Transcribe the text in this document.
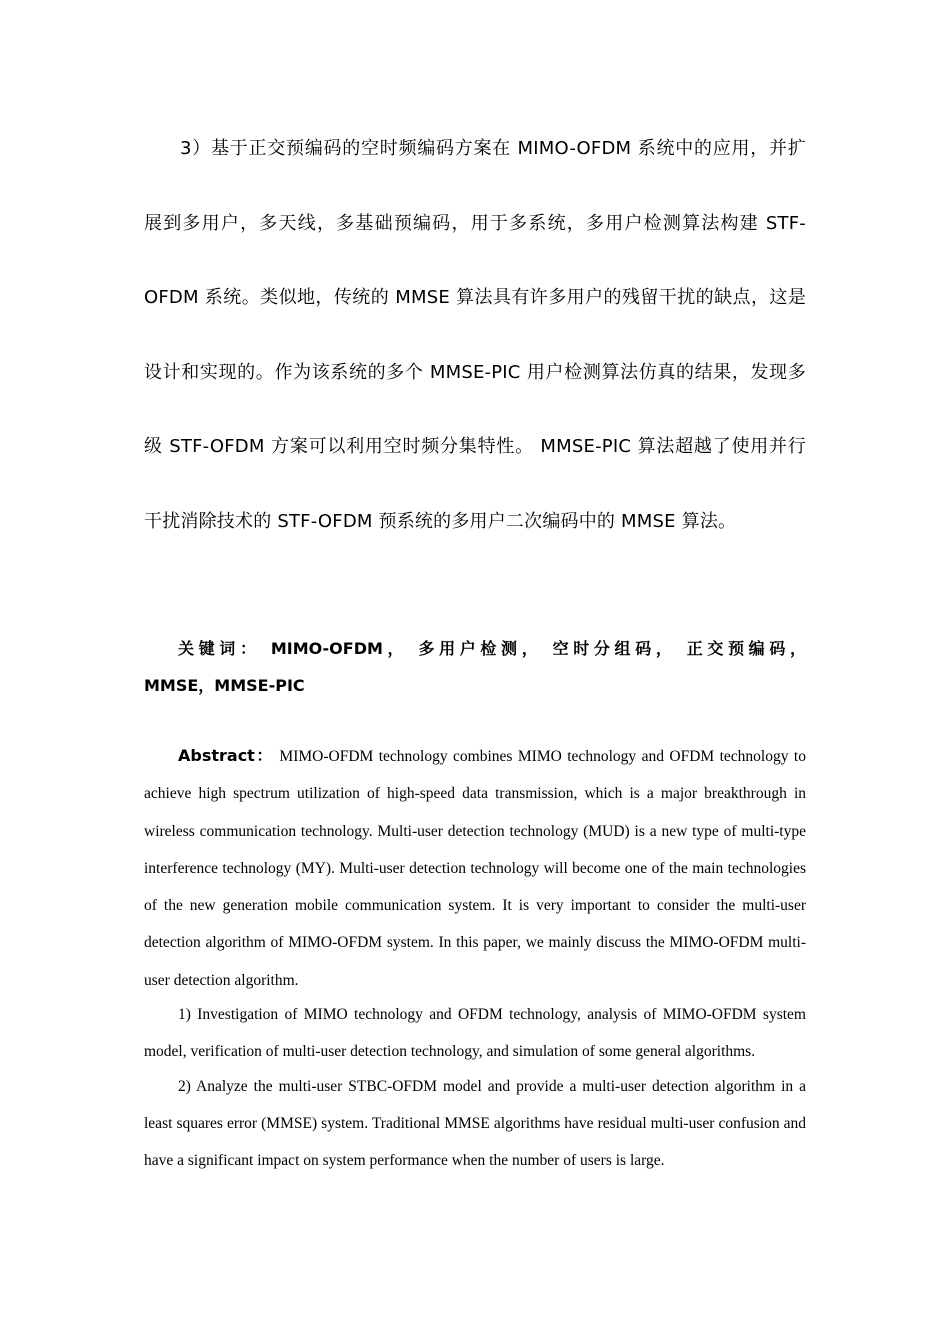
3）基于正交预编码的空时频编码方案在 MIMO-OFDM 系统中的应用，并扩展到多用户，多天线，多基础预编码，用于多系统，多用户检测算法构建 STF-OFDM 系统。类似地，传统的 MMSE 算法具有许多用户的残留干扰的缺点，这是设计和实现的。作为该系统的多个 MMSE-PIC 用户检测算法仿真的结果，发现多级 STF-OFDM 方案可以利用空时频分集特性。 MMSE-PIC 算法超越了使用并行干扰消除技术的 STF-OFDM 预系统的多用户二次编码中的 MMSE 算法。

关键词： MIMO-OFDM， 多用户检测， 空时分组码， 正交预编码，
MMSE，MMSE-PIC

Abstract： MIMO-OFDM technology combines MIMO technology and OFDM technology to achieve high spectrum utilization of high-speed data transmission, which is a major breakthrough in wireless communication technology. Multi-user detection technology (MUD) is a new type of multi-type interference technology (MY). Multi-user detection technology will become one of the main technologies of the new generation mobile communication system. It is very important to consider the multi-user detection algorithm of MIMO-OFDM system. In this paper, we mainly discuss the MIMO-OFDM multi-user detection algorithm.

1) Investigation of MIMO technology and OFDM technology, analysis of MIMO-OFDM system model, verification of multi-user detection technology, and simulation of some general algorithms.

2) Analyze the multi-user STBC-OFDM model and provide a multi-user detection algorithm in a least squares error (MMSE) system. Traditional MMSE algorithms have residual multi-user confusion and have a significant impact on system performance when the number of users is large.
